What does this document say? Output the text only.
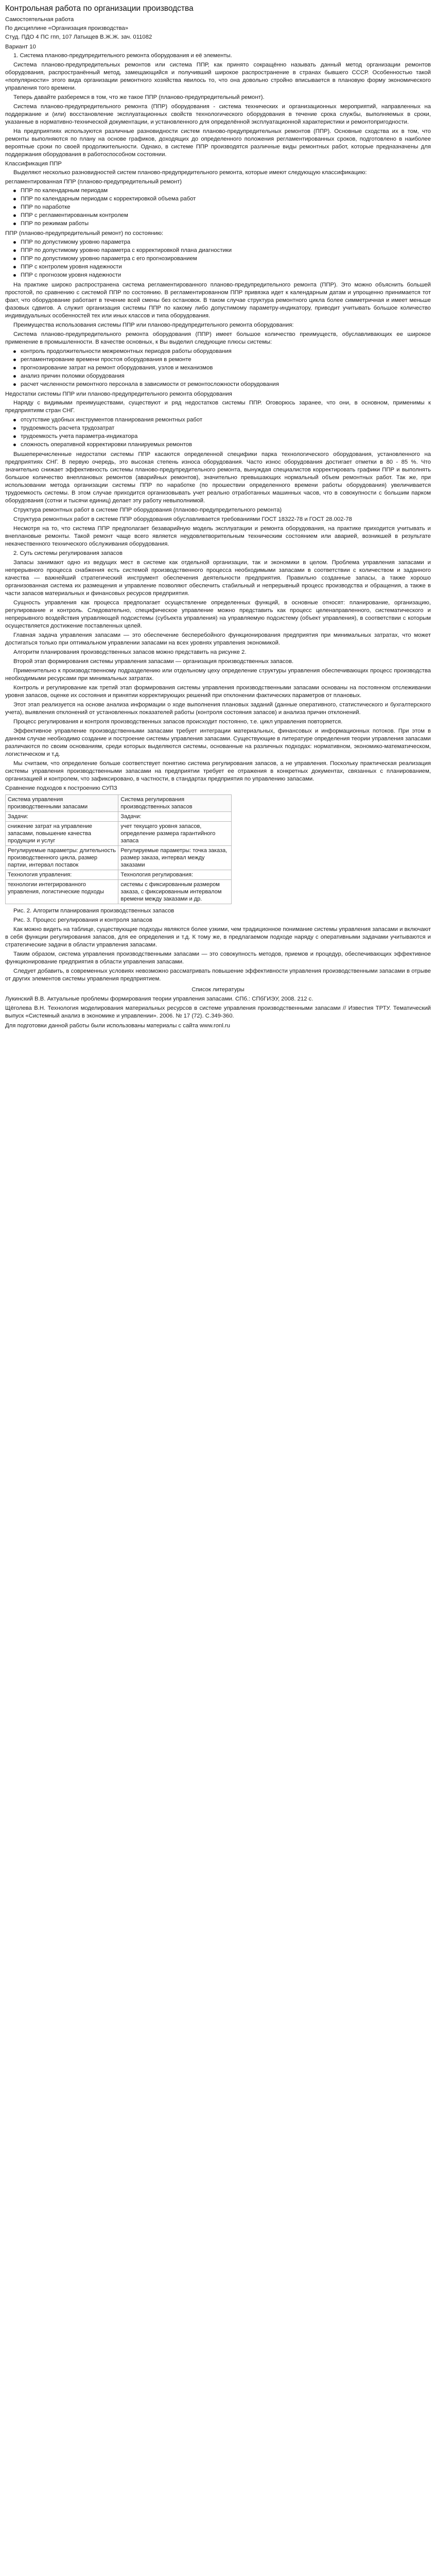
Контрольная работа по организации производства
Самостоятельная работа
По дисциплине «Организация производства»
Студ. ПДО 4 ПС гпп, 107 Латыщев В.Ж.Ж. зач. 011082
Вариант 10
1. Система планово-предупредительного ремонта оборудования и её элементы.

Система планово-предупредительных ремонтов или система ППР, как принято сокращённо называть данный метод организации ремонтов оборудования, распространённый метод, замещающийся и получивший широкое распространение в странах бывшего СССР. Особенностью такой «популярности» этого вида организации ремонтного хозяйства явилось то, что она довольно стройно вписывается в плановую форму экономического управления того времени.

Теперь давайте разберемся в том, что же такое ППР (планово-предупредительный ремонт).

Система планово-предупредительного ремонта (ППР) оборудования - система технических и организационных мероприятий, направленных на поддержание и (или) восстановление эксплуатационных свойств технологического оборудования в течение срока службы, выполняемых в сроки, указанные в нормативно-технической документации, и установленного для определённой эксплуатационной характеристики и ремонтопригодности.

На предприятиях используются различные разновидности систем планово-предупредительных ремонтов (ППР). Основные сходства их в том, что ремонты выполняются по плану на основе графиков, доходящих до определенного положения регламентированных сроков, подготовлено в наиболее вероятные сроки по своей продолжительности. Однако, в системе ППР производятся различные виды ремонтных работ, которые предназначены для поддержания оборудования в работоспособном состоянии.

Классификация ППР

Выделяют несколько разновидностей систем планово-предупредительного ремонта, которые имеют следующую классификацию:

регламентированная ППР (планово-предупредительный ремонт)

ППР по календарным периодам
ППР по календарным периодам с корректировкой объема работ
ППР по наработке
ППР с регламентированным контролем
ППР по режимам работы

ППР (планово-предупредительный ремонт) по состоянию:

ППР по допустимому уровню параметра
ППР по допустимому уровню параметра с корректировкой плана диагностики
ППР по допустимому уровню параметра с его прогнозированием
ППР с контролем уровня надежности
ППР с прогнозом уровня надежности

На практике широко распространена система регламентированного планово-предупредительного ремонта (ППР). Это можно объяснить большей простотой, по сравнению с системой ППР по состоянию. В регламентированном ППР привязка идет к календарным датам и упрощенно принимается тот факт, что оборудование работает в течение всей смены без остановок. В таком случае структура ремонтного цикла более симметричная и имеет меньше фазовых сдвигов. А служит организация системы ППР по какому либо допустимому параметру-индикатору, приводит учитывать большое количество индивидуальных особенностей тех или иных классов и типа оборудования.

Преимущества использования системы ППР или планово-предупредительного ремонта оборудования:

Система планово-предупредительного ремонта оборудования (ППР) имеет большое количество преимуществ, обуславливающих ее широкое применение в промышленности. В качестве основных, к Вы выделил следующие плюсы системы:

контроль продолжительности межремонтных периодов работы оборудования
регламентирование времени простоя оборудования в ремонте
прогнозирование затрат на ремонт оборудования, узлов и механизмов
анализ причин поломки оборудования
расчет численности ремонтного персонала в зависимости от ремонтосложности оборудования

Недостатки системы ППР или планово-предупредительного ремонта оборудования

Наряду с видимыми преимуществами, существуют и ряд недостатков системы ППР. Оговорюсь заранее, что они, в основном, применимы к предприятиям стран СНГ.

отсутствие удобных инструментов планирования ремонтных работ
трудоемкость расчета трудозатрат
трудоемкость учета параметра-индикатора
сложность оперативной корректировки планируемых ремонтов

Вышеперечисленные недостатки системы ППР касаются определенной специфики парка технологического оборудования, установленного на предприятиях СНГ. В первую очередь, это высокая степень износа оборудования. Часто износ оборудования достигает отметки в 80 - 85 %. Что значительно снижает эффективность системы планово-предупредительного ремонта, вынуждая специалистов корректировать графики ППР и выполнять большое количество внеплановых ремонтов (аварийных ремонтов), значительно превышающих нормальный объем ремонтных работ. Так же, при использовании метода организации системы ППР по наработке (по прошествии определенного времени работы оборудования) увеличивается трудоемкость системы. В этом случае приходится организовывать учет реально отработанных машинных часов, что в совокупности с большим парком оборудования (сотни и тысячи единиц) делает эту работу невыполнимой.

Структура ремонтных работ в системе ППР оборудования (планово-предупредительного ремонта)

Структура ремонтных работ в системе ППР оборудования обуславливается требованиями ГОСТ 18322-78 и ГОСТ 28.002-78

Несмотря на то, что система ППР предполагает безаварийную модель эксплуатации и ремонта оборудования, на практике приходится учитывать и внеплановые ремонты. Такой ремонт чаще всего является неудовлетворительным техническим состоянием или аварией, возникшей в результате некачественного технического обслуживания оборудования.

2. Суть системы регулирования запасов

Запасы занимают одно из ведущих мест в системе как отдельной организации, так и экономики в целом. Проблема управления запасами и непрерывного процесса снабжения есть системой производственного процесса необходимыми запасами в соответствии с количеством и заданного качества — важнейший стратегический инструмент обеспечения деятельности предприятия. Правильно созданные запасы, а также хорошо организованная система их размещения и управление позволяют обеспечить стабильный и непрерывный процесс производства и обращения, а также в части запасов материальных и финансовых ресурсов предприятия.

Сущность управления как процесса предполагает осуществление определенных функций, в основные относят: планирование, организацию, регулирование и контроль. Следовательно, специфическое управление можно представить как процесс целенаправленного, систематического и непрерывного воздействия управляющей подсистемы (субъекта управления) на управляемую подсистему (объект управления), в соответствии с которым осуществляется достижение поставленных целей.

Главная задача управления запасами — это обеспечение бесперебойного функционирования предприятия при минимальных затратах, что может достигаться только при оптимальном управлении запасами на всех уровнях управления экономикой.

Алгоритм планирования производственных запасов можно представить на рисунке 2.

Второй этап формирования системы управления запасами — организация производственных запасов.

Применительно к производственному подразделению или отдельному цеху определение структуры управления обеспечивающих процесс производства необходимыми ресурсами при минимальных затратах.

Контроль и регулирование как третий этап формирования системы управления производственными запасами основаны на постоянном отслеживании уровня запасов, оценке их состояния и принятии корректирующих решений при отклонении фактических параметров от плановых.

Этот этап реализуется на основе анализа информации о ходе выполнения плановых заданий (данные оперативного, статистического и бухгалтерского учета), выявления отклонений от установленных показателей работы (контроля состояния запасов) и анализа причин отклонений.

Процесс регулирования и контроля производственных запасов происходит постоянно, т.е. цикл управления повторяется.

Эффективное управление производственными запасами требует интеграции материальных, финансовых и информационных потоков. При этом в данном случае необходимо создание и построение системы управления запасами. Существующие в литературе определения теории управления запасами различаются по своим основаниям, среди которых выделяются системы, основанные на различных подходах: нормативном, экономико-математическом, логистическом и т.д.

Мы считаем, что определение больше соответствует понятию система регулирования запасов, а не управления. Поскольку практическая реализация системы управления производственными запасами на предприятии требует ее отражения в конкретных документах, связанных с планированием, организацией и контролем, что зафиксировано, в частности, в стандартах предприятия по управлению запасами.

Сравнение подходов к построению СУПЗ

Система управления производственными запасами	Система регулирования производственных запасов
Задачи:	Задачи:
снижение затрат на управление запасами, повышение качества продукции и услуг	учет текущего уровня запасов, определение размера гарантийного запаса
Регулируемые параметры: длительность производственного цикла, размер партии, интервал поставок	Регулируемые параметры: точка заказа, размер заказа, интервал между заказами
Технология управления:	Технология регулирования:
технологии интегрированного управления, логистические подходы	системы с фиксированным размером заказа, с фиксированным интервалом времени между заказами и др.

Рис. 2. Алгоритм планирования производственных запасов

Рис. 3. Процесс регулирования и контроля запасов

Как можно видеть на таблице, существующие подходы являются более узкими, чем традиционное понимание системы управления запасами и включают в себя функции регулирования запасов, для ее определения и т.д. К тому же, в предлагаемом подходе наряду с оперативными задачами учитываются и стратегические задачи в области управления запасами.

Таким образом, система управления производственными запасами — это совокупность методов, приемов и процедур, обеспечивающих эффективное функционирование предприятия в области управления запасами.

Следует добавить, в современных условиях невозможно рассматривать повышение эффективности управления производственными запасами в отрыве от других элементов системы управления предприятием.

Список литературы

Лукинский В.В. Актуальные проблемы формирования теории управления запасами. СПб.: СПбГИЭУ, 2008. 212 с.

Щёголева В.Н. Технология моделирования материальных ресурсов в системе управления производственными запасами // Известия ТРТУ. Тематический выпуск «Системный анализ в экономике и управлении». 2006. № 17 (72). С.349-360.

Для подготовки данной работы были использованы материалы с сайта www.ronl.ru
